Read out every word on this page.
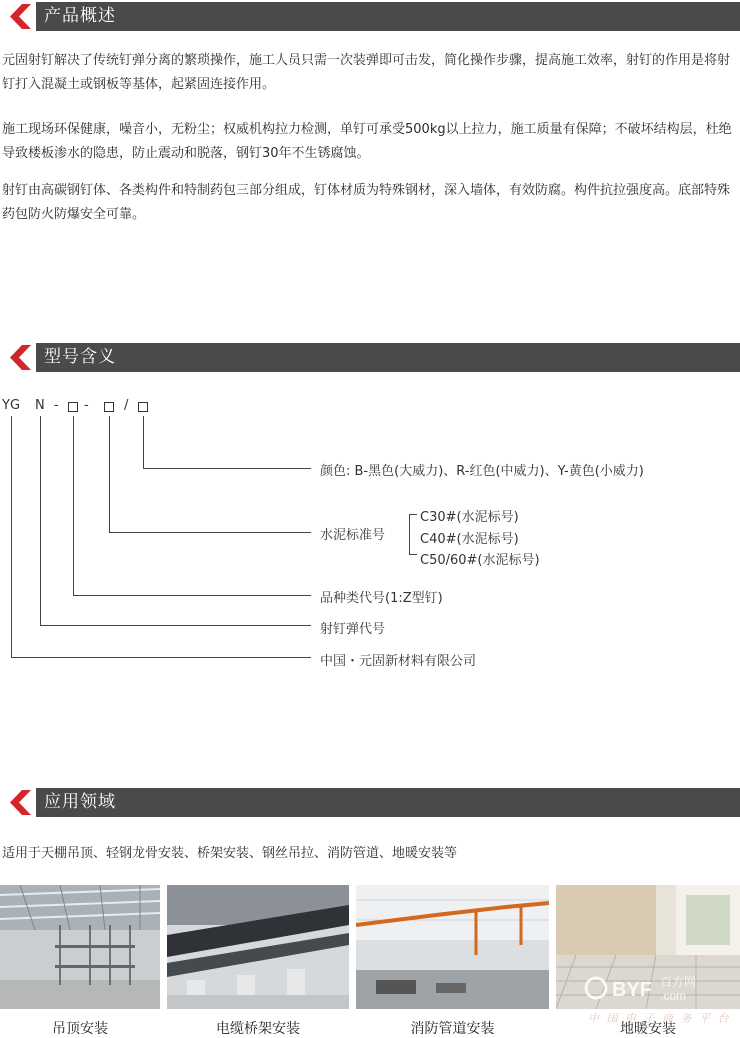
产品概述
元固射钉解决了传统钉弹分离的繁琐操作，施工人员只需一次装弹即可击发，简化操作步骤，提高施工效率，射钉的作用是将射钉打入混凝土或钢板等基体，起紧固连接作用。
施工现场环保健康，噪音小，无粉尘；权威机构拉力检测，单钉可承受500kg以上拉力，施工质量有保障；不破坏结构层，杜绝导致楼板渗水的隐患，防止震动和脱落，钢钉30年不生锈腐蚀。
射钉由高碳钢钉体、各类构件和特制药包三部分组成，钉体材质为特殊钢材，深入墙体，有效防腐。构件抗拉强度高。底部特殊药包防火防爆安全可靠。
型号含义
YG N - -	/
颜色: B-黑色(大威力)、R-红色(中威力)、Y-黄色(小威力)
水泥标准号
C30#(水泥标号)
C40#(水泥标号)
C50/60#(水泥标号)
品种类代号(1:Z型钉)
射钉弹代号
中国・元固新材料有限公司
应用领域
适用于天棚吊顶、轻钢龙骨安装、桥架安装、钢丝吊拉、消防管道、地暖安装等
吊顶安装	电缆桥架安装	消防管道安装	地暖安装
BYF 百方网
.com
中 国 电 子 商 务 平 台
